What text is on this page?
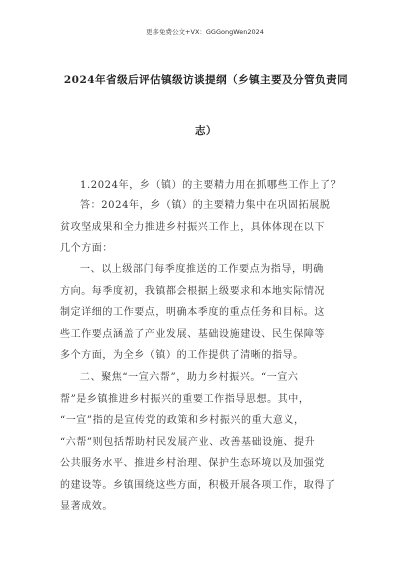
更多免费公文+VX：GGGongWen2024
2024年省级后评估镇级访谈提纲（乡镇主要及分管负责同
志）
1.2024年，乡（镇）的主要精力用在抓哪些工作上了？
答：2024年，乡（镇）的主要精力集中在巩固拓展脱
贫攻坚成果和全力推进乡村振兴工作上，具体体现在以下
几个方面：
一、以上级部门每季度推送的工作要点为指导，明确
方向。每季度初，我镇都会根据上级要求和本地实际情况
制定详细的工作要点，明确本季度的重点任务和目标。这
些工作要点涵盖了产业发展、基础设施建设、民生保障等
多个方面，为全乡（镇）的工作提供了清晰的指导。
二、聚焦“一宣六帮”，助力乡村振兴。“一宣六
帮”是乡镇推进乡村振兴的重要工作指导思想。其中，
“一宣”指的是宣传党的政策和乡村振兴的重大意义，
“六帮”则包括帮助村民发展产业、改善基础设施、提升
公共服务水平、推进乡村治理、保护生态环境以及加强党
的建设等。乡镇围绕这些方面，积极开展各项工作，取得了
显著成效。
